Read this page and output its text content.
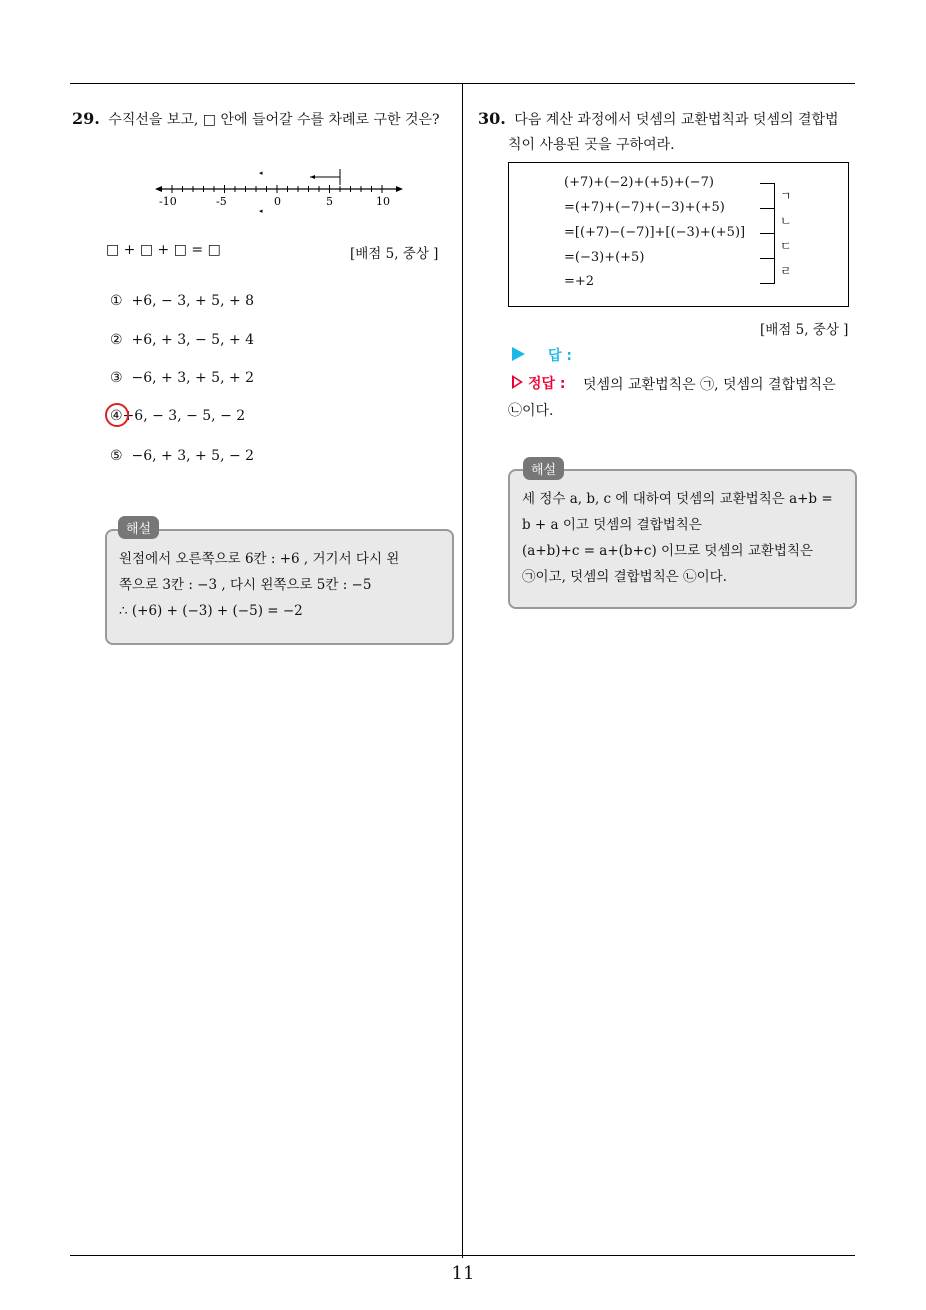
29. 수직선을 보고, □ 안에 들어갈 수를 차례로 구한 것은?
◂
◂
-10	-5	0	5	10
□ + □ + □ = □	[배점 5, 중상 ]
① +6, − 3, + 5, + 8
② +6, + 3, − 5, + 4
③ −6, + 3, + 5, + 2
④+6, − 3, − 5, − 2
⑤ −6, + 3, + 5, − 2
해설
원점에서 오른쪽으로 6칸 : +6 , 거기서 다시 왼
쪽으로 3칸 : −3 , 다시 왼쪽으로 5칸 : −5
∴ (+6) + (−3) + (−5) = −2
30. 다음 계산 과정에서 덧셈의 교환법칙과 덧셈의 결합법
칙이 사용된 곳을 구하여라.
(+7)+(−2)+(+5)+(−7)
=(+7)+(−7)+(−3)+(+5)
=[(+7)−(−7)]+[(−3)+(+5)]
=(−3)+(+5)
=+2
ㄱ
ㄴ
ㄷ
ㄹ
[배점 5, 중상 ]
답 :
정답 : 덧셈의 교환법칙은 ㉠, 덧셈의 결합법칙은
㉡이다.
해설
세 정수 a, b, c 에 대하여 덧셈의 교환법칙은 a+b =
b + a 이고 덧셈의 결합법칙은
(a+b)+c = a+(b+c) 이므로 덧셈의 교환법칙은
㉠이고, 덧셈의 결합법칙은 ㉡이다.
11
